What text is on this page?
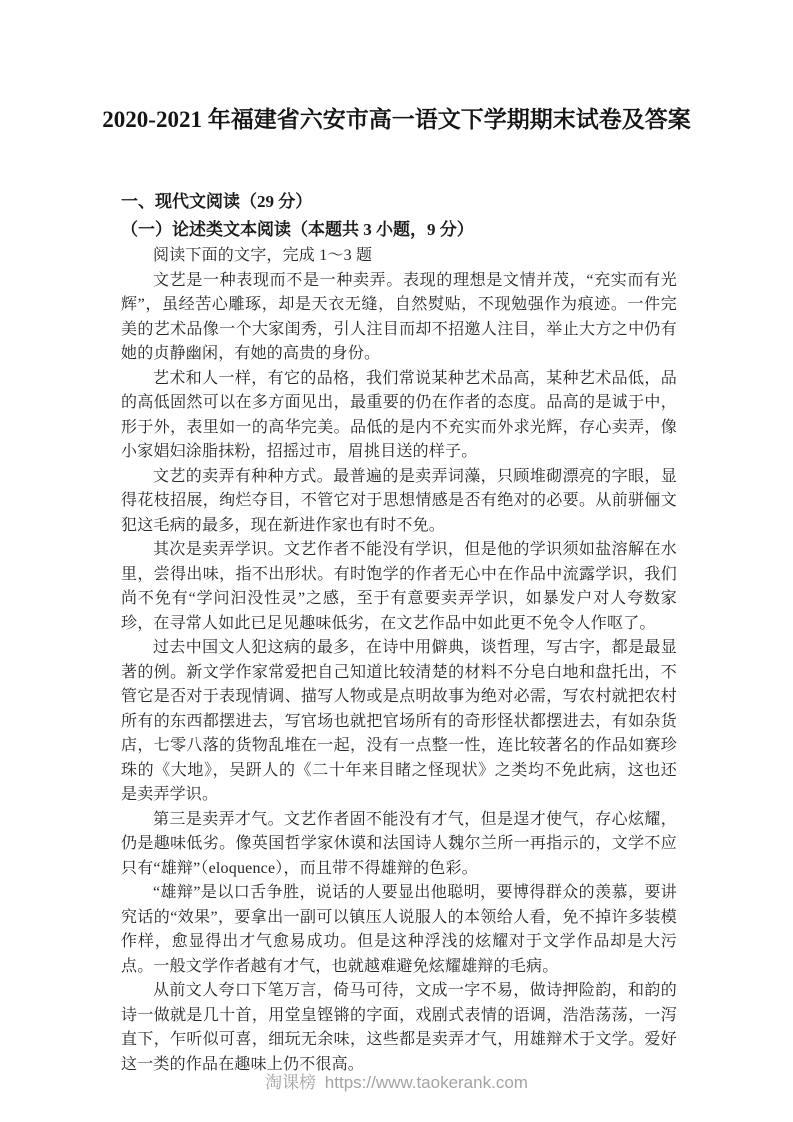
2020-2021 年福建省六安市高一语文下学期期末试卷及答案
一、现代文阅读（29 分）
（一）论述类文本阅读（本题共 3 小题，9 分）

阅读下面的文字，完成 1～3 题

文艺是一种表现而不是一种卖弄。表现的理想是文情并茂，“充实而有光辉”，虽经苦心雕琢，却是天衣无缝，自然熨贴，不现勉强作为痕迹。一件完美的艺术品像一个大家闺秀，引人注目而却不招邀人注目，举止大方之中仍有她的贞静幽闲，有她的高贵的身份。

艺术和人一样，有它的品格，我们常说某种艺术品高，某种艺术品低，品的高低固然可以在多方面见出，最重要的仍在作者的态度。品高的是诚于中，形于外，表里如一的高华完美。品低的是内不充实而外求光辉，存心卖弄，像小家娼妇涂脂抹粉，招摇过市，眉挑目送的样子。

文艺的卖弄有种种方式。最普遍的是卖弄词藻，只顾堆砌漂亮的字眼，显得花枝招展，绚烂夺目，不管它对于思想情感是否有绝对的必要。从前骈俪文犯这毛病的最多，现在新进作家也有时不免。

其次是卖弄学识。文艺作者不能没有学识，但是他的学识须如盐溶解在水里，尝得出味，指不出形状。有时饱学的作者无心中在作品中流露学识，我们尚不免有“学问汩没性灵”之感，至于有意要卖弄学识，如暴发户对人夸数家珍，在寻常人如此已足见趣味低劣，在文艺作品中如此更不免令人作呕了。

过去中国文人犯这病的最多，在诗中用僻典，谈哲理，写古字，都是最显著的例。新文学作家常爱把自己知道比较清楚的材料不分皂白地和盘托出，不管它是否对于表现情调、描写人物或是点明故事为绝对必需，写农村就把农村所有的东西都摆进去，写官场也就把官场所有的奇形怪状都摆进去，有如杂货店，七零八落的货物乱堆在一起，没有一点整一性，连比较著名的作品如赛珍珠的《大地》，吴趼人的《二十年来目睹之怪现状》之类均不免此病，这也还是卖弄学识。

第三是卖弄才气。文艺作者固不能没有才气，但是逞才使气，存心炫耀，仍是趣味低劣。像英国哲学家休谟和法国诗人魏尔兰所一再指示的，文学不应只有“雄辩”（eloquence），而且带不得雄辩的色彩。

“雄辩”是以口舌争胜，说话的人要显出他聪明，要博得群众的羡慕，要讲究话的“效果”，要拿出一副可以镇压人说服人的本领给人看，免不掉许多装模作样，愈显得出才气愈易成功。但是这种浮浅的炫耀对于文学作品却是大污点。一般文学作者越有才气，也就越难避免炫耀雄辩的毛病。

从前文人夸口下笔万言，倚马可待，文成一字不易，做诗押险韵，和韵的诗一做就是几十首，用堂皇铿锵的字面，戏剧式表情的语调，浩浩荡荡，一泻直下，乍听似可喜，细玩无余味，这些都是卖弄才气，用雄辩术于文学。爱好这一类的作品在趣味上仍不很高。

淘课榜 https://www.taokerank.com
